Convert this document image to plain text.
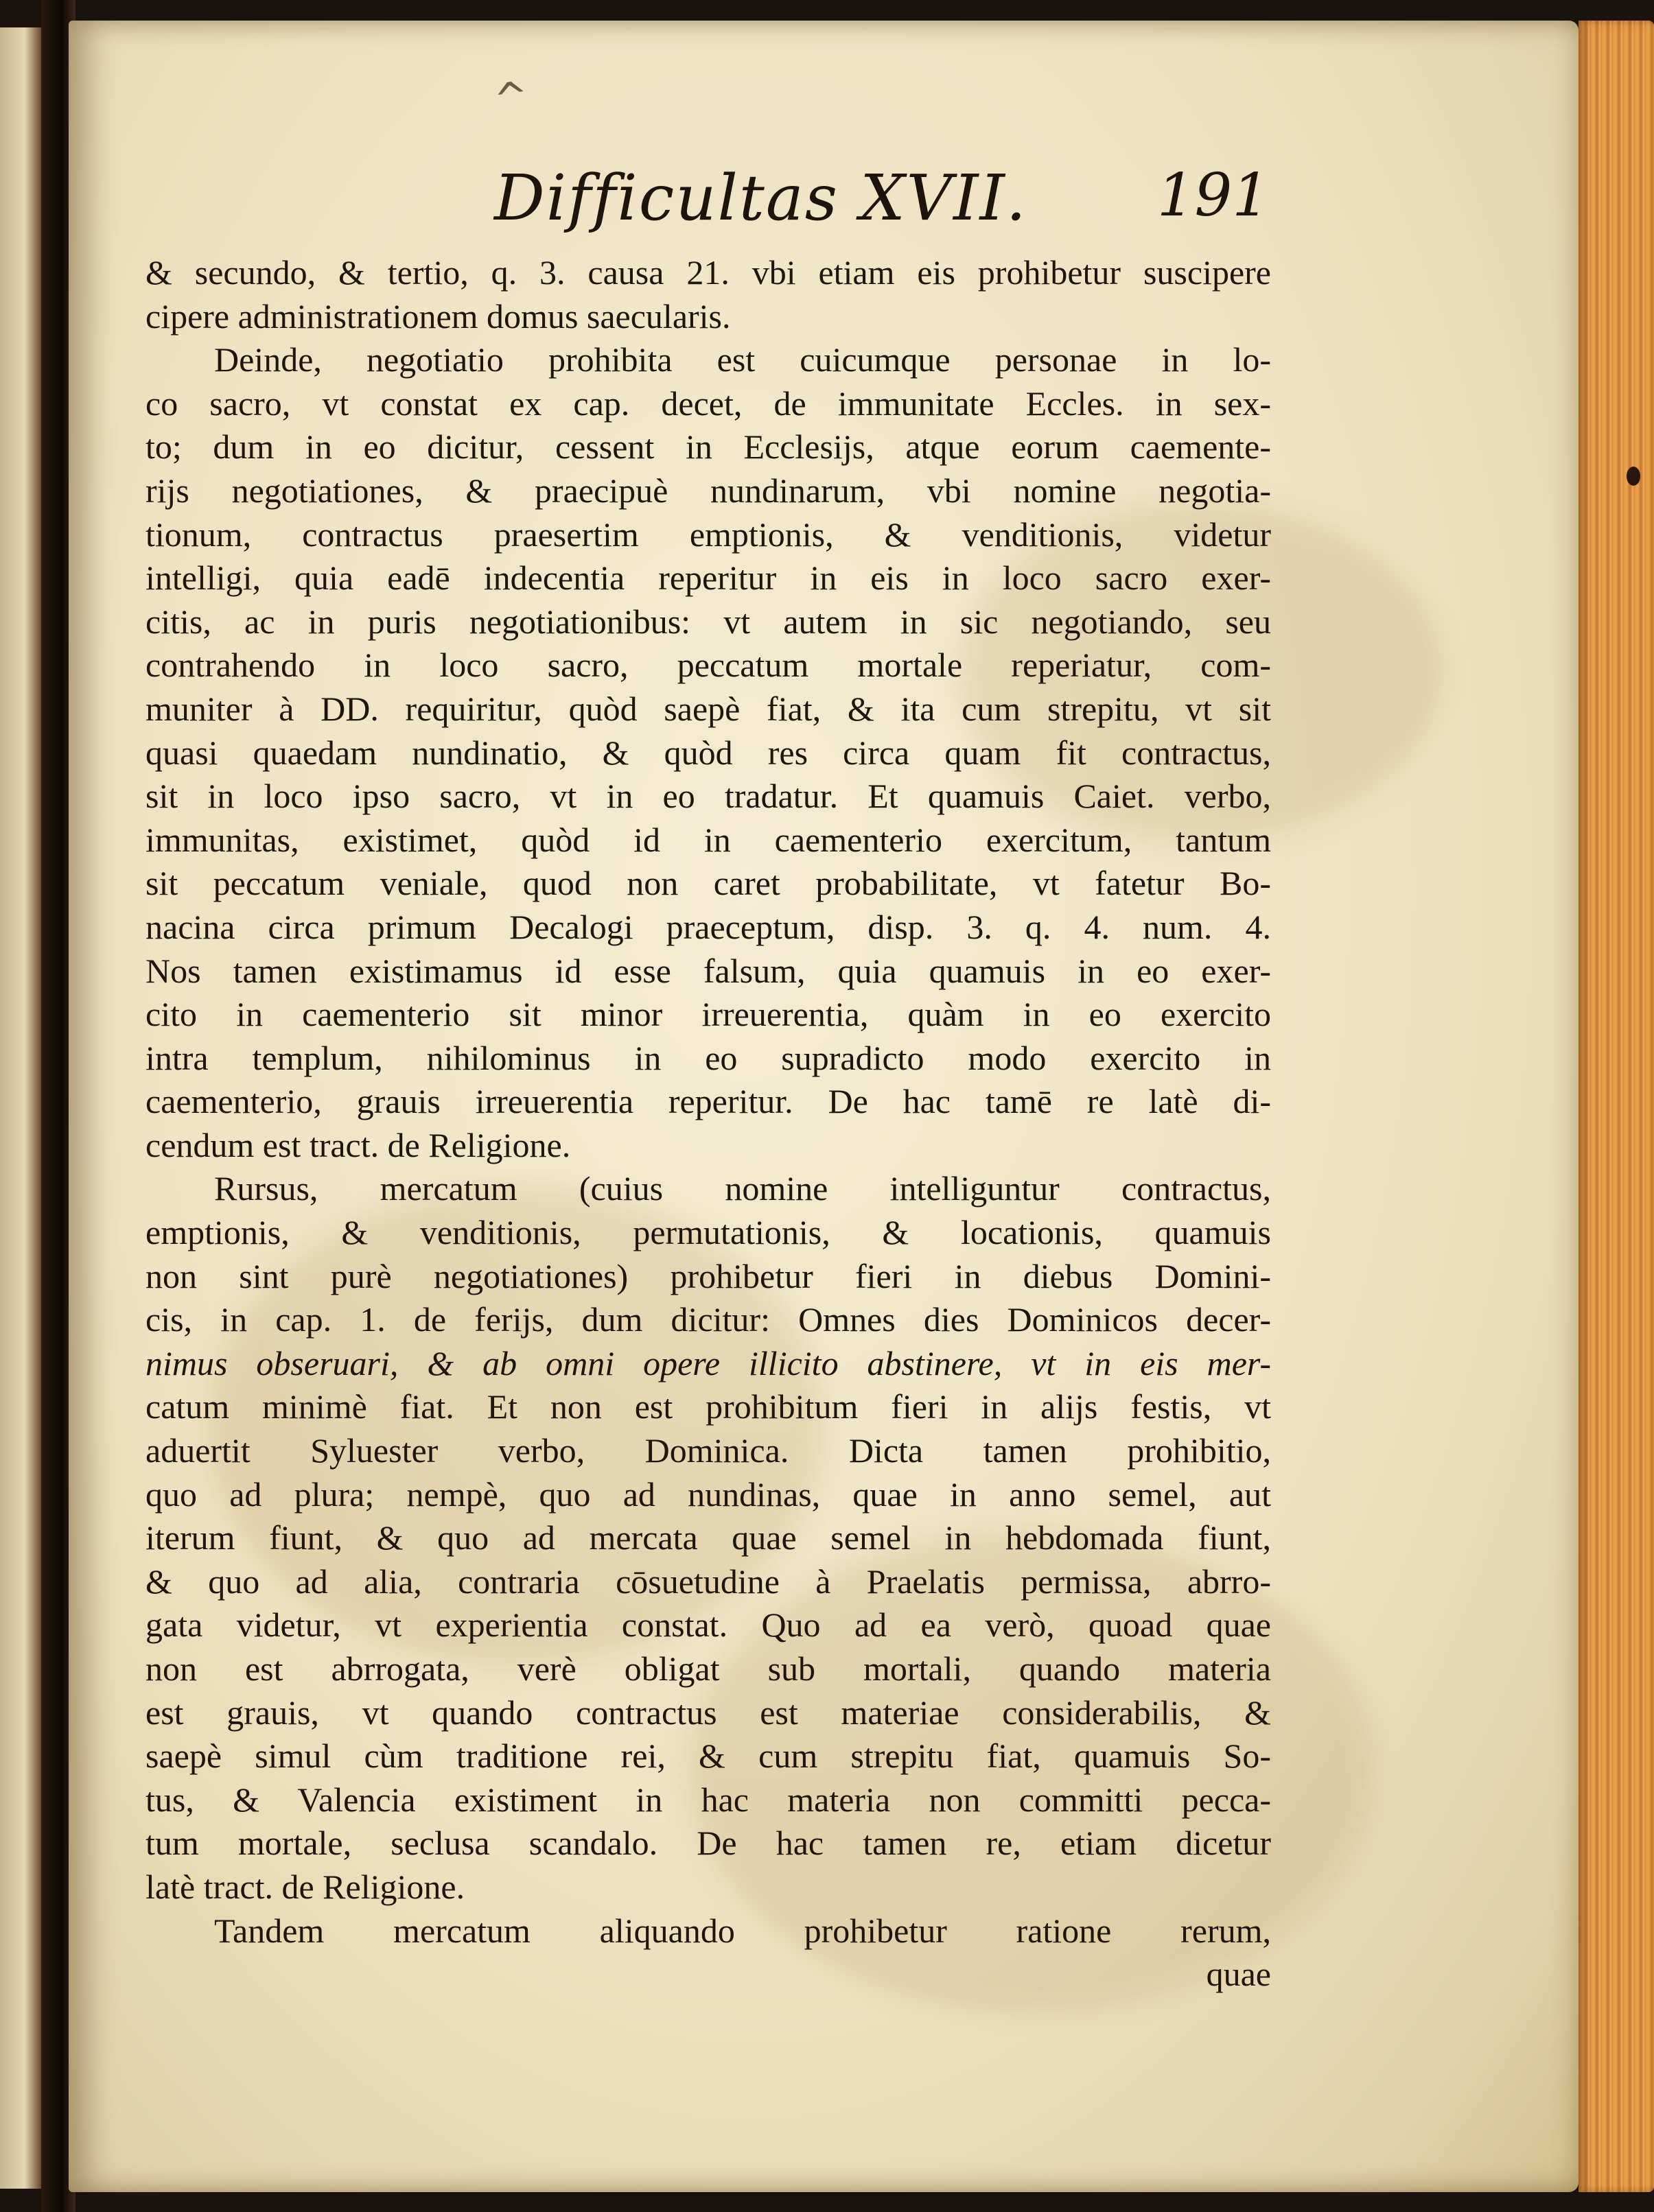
^
Difficultas XVII. 191
& secundo, & tertio, q. 3. causa 21. vbi etiam eis prohibetur suscipere
cipere administrationem domus saecularis.
Deinde, negotiatio prohibita est cuicumque personae in lo-
co sacro, vt constat ex cap. decet, de immunitate Eccles. in sex-
to; dum in eo dicitur, cessent in Ecclesijs, atque eorum caemente-
rijs negotiationes, & praecipuè nundinarum, vbi nomine negotia-
tionum, contractus praesertim emptionis, & venditionis, videtur
intelligi, quia eadē indecentia reperitur in eis in loco sacro exer-
citis, ac in puris negotiationibus: vt autem in sic negotiando, seu
contrahendo in loco sacro, peccatum mortale reperiatur, com-
muniter à DD. requiritur, quòd saepè fiat, & ita cum strepitu, vt sit
quasi quaedam nundinatio, & quòd res circa quam fit contractus,
sit in loco ipso sacro, vt in eo tradatur. Et quamuis Caiet. verbo,
immunitas, existimet, quòd id in caementerio exercitum, tantum
sit peccatum veniale, quod non caret probabilitate, vt fatetur Bo-
nacina circa primum Decalogi praeceptum, disp. 3. q. 4. num. 4.
Nos tamen existimamus id esse falsum, quia quamuis in eo exer-
cito in caementerio sit minor irreuerentia, quàm in eo exercito
intra templum, nihilominus in eo supradicto modo exercito in
caementerio, grauis irreuerentia reperitur. De hac tamē re latè di-
cendum est tract. de Religione.
Rursus, mercatum (cuius nomine intelliguntur contractus,
emptionis, & venditionis, permutationis, & locationis, quamuis
non sint purè negotiationes) prohibetur fieri in diebus Domini-
cis, in cap. 1. de ferijs, dum dicitur: Omnes dies Dominicos decer-
nimus obseruari, & ab omni opere illicito abstinere, vt in eis mer-
catum minimè fiat. Et non est prohibitum fieri in alijs festis, vt
aduertit Syluester verbo, Dominica. Dicta tamen prohibitio,
quo ad plura; nempè, quo ad nundinas, quae in anno semel, aut
iterum fiunt, & quo ad mercata quae semel in hebdomada fiunt,
& quo ad alia, contraria cōsuetudine à Praelatis permissa, abrro-
gata videtur, vt experientia constat. Quo ad ea verò, quoad quae
non est abrrogata, verè obligat sub mortali, quando materia
est grauis, vt quando contractus est materiae considerabilis, &
saepè simul cùm traditione rei, & cum strepitu fiat, quamuis So-
tus, & Valencia existiment in hac materia non committi pecca-
tum mortale, seclusa scandalo. De hac tamen re, etiam dicetur
latè tract. de Religione.
Tandem mercatum aliquando prohibetur ratione rerum,
quae
